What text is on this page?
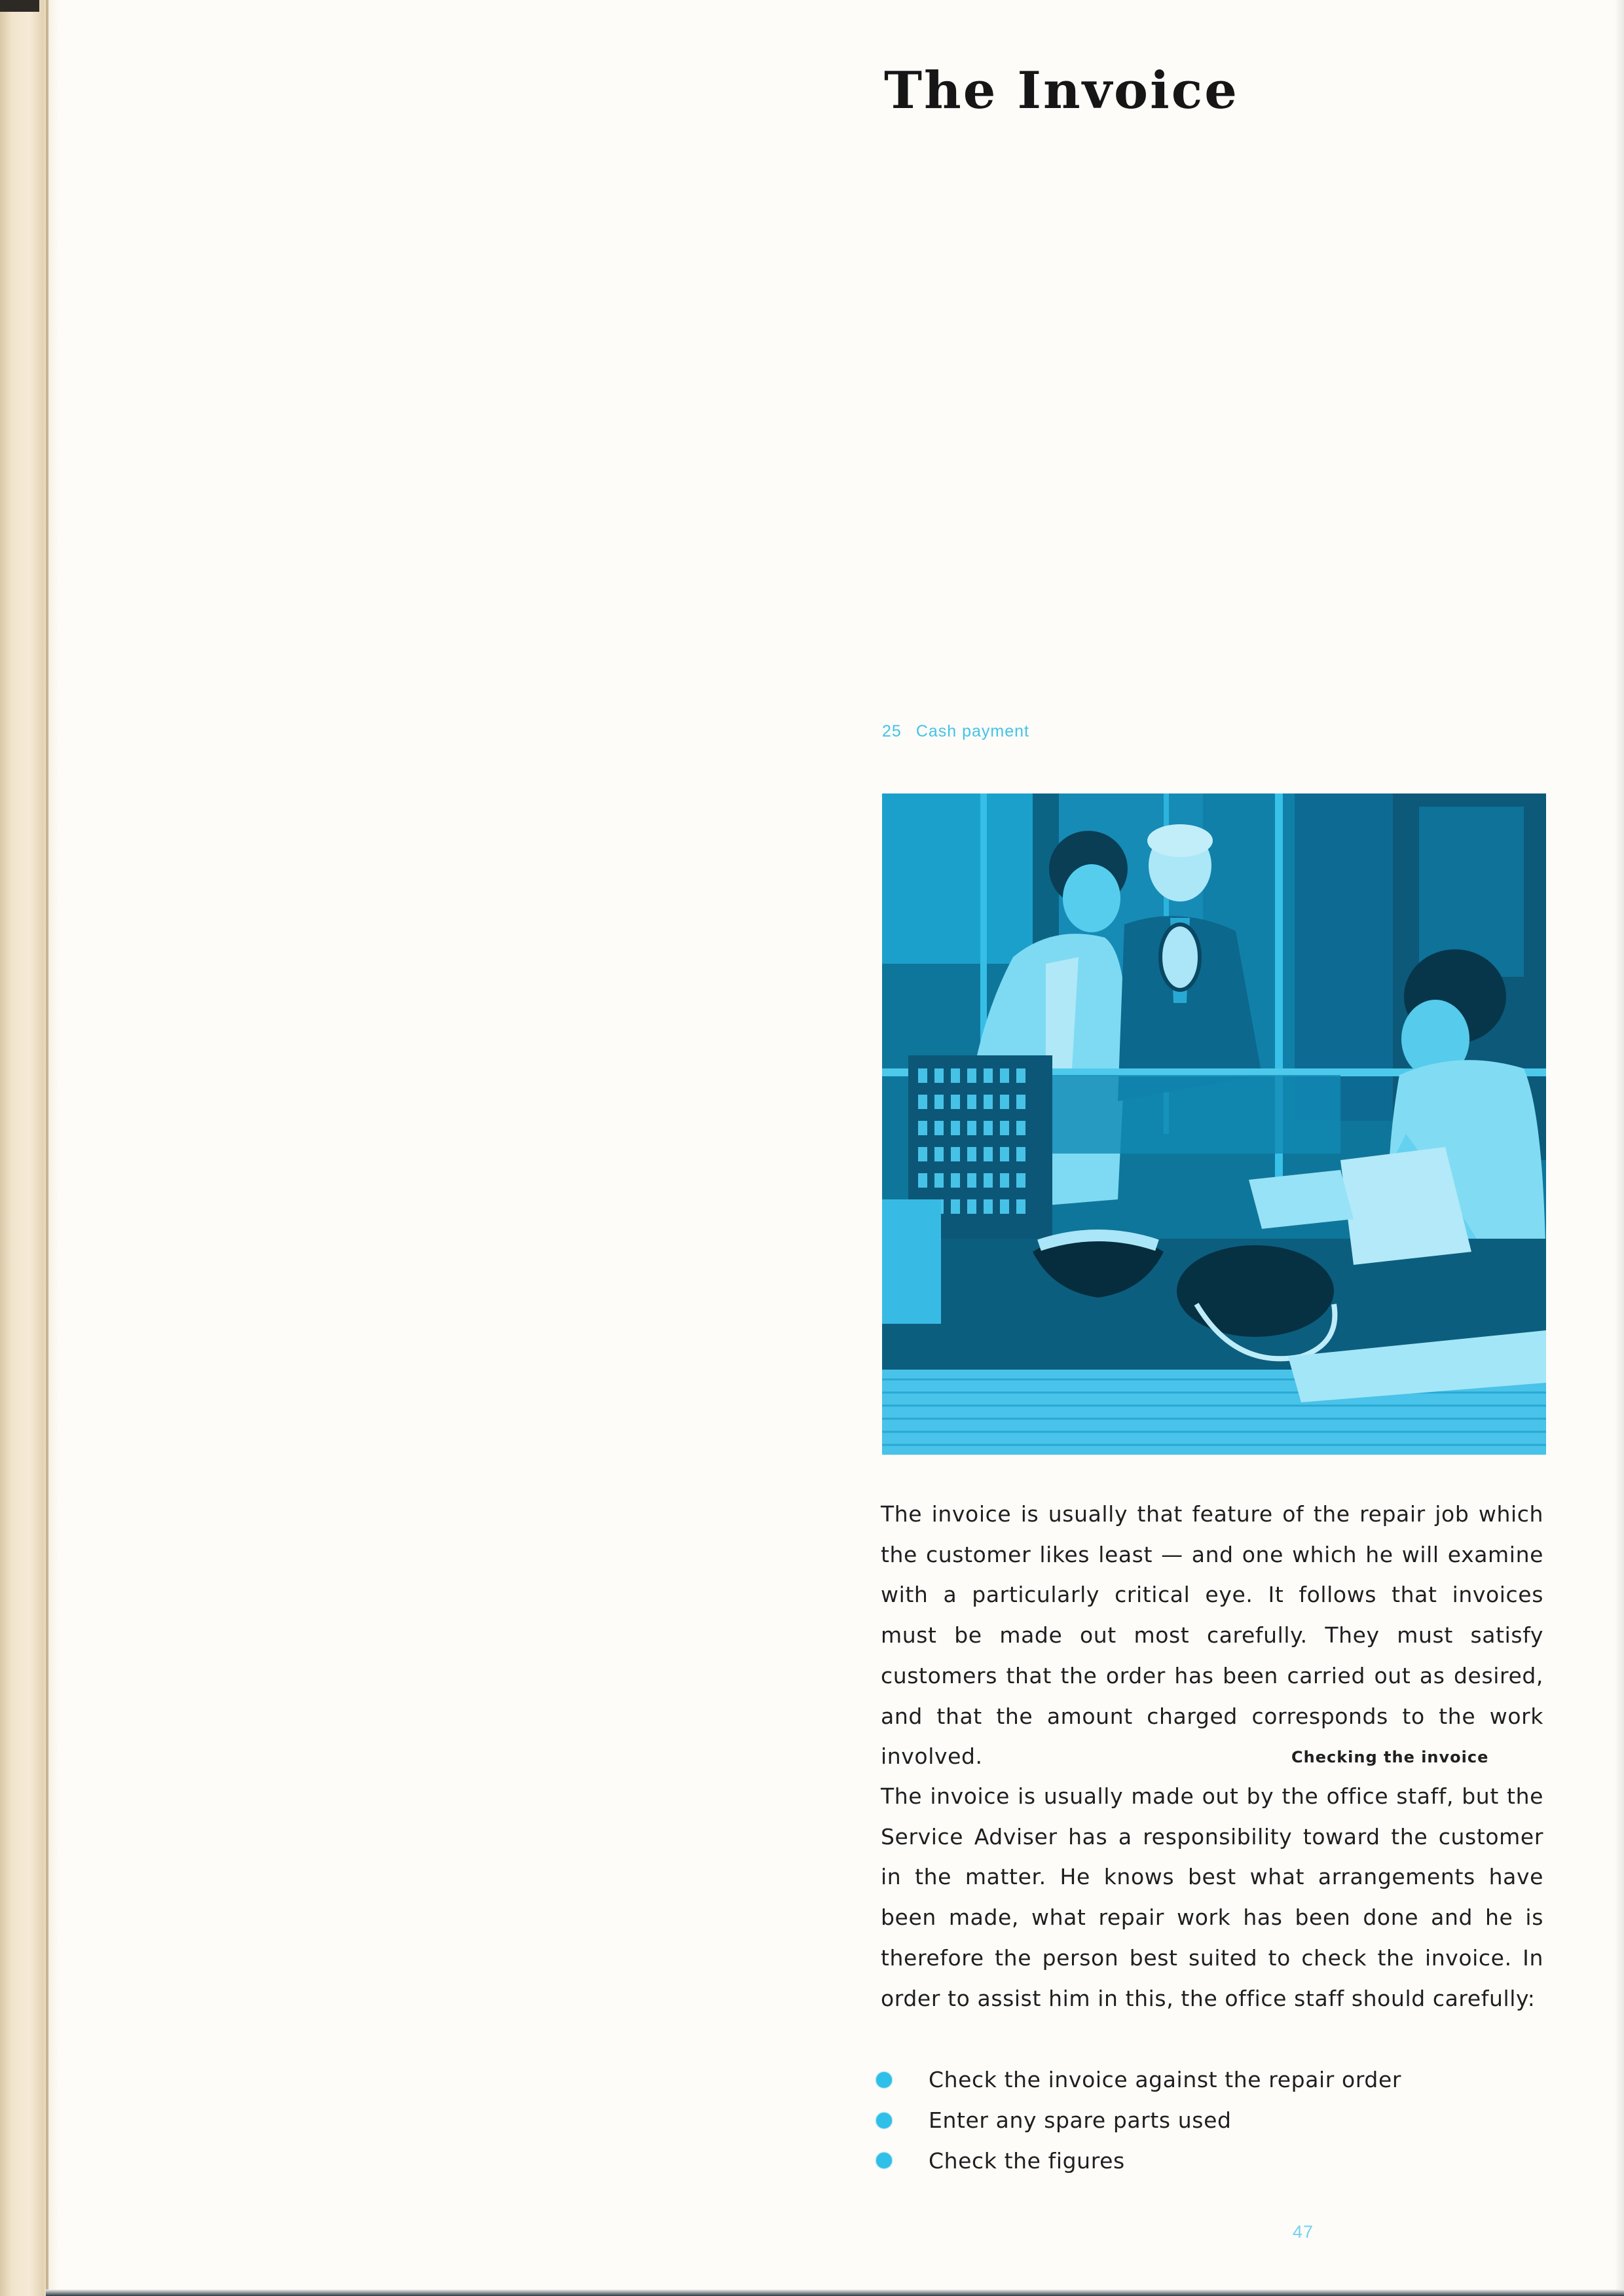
The Invoice
25 Cash payment

The invoice is usually that feature of the repair job which the customer likes least — and one which he will examine with a particularly critical eye. It follows that invoices must be made out most carefully. They must satisfy customers that the order has been carried out as desired, and that the amount charged corresponds to the work involved.	Checking the invoice

The invoice is usually made out by the office staff, but the Service Adviser has a responsibility toward the customer in the matter. He knows best what arrangements have been made, what repair work has been done and he is therefore the person best suited to check the invoice. In order to assist him in this, the office staff should carefully:

Check the invoice against the repair order
Enter any spare parts used
Check the figures
47
